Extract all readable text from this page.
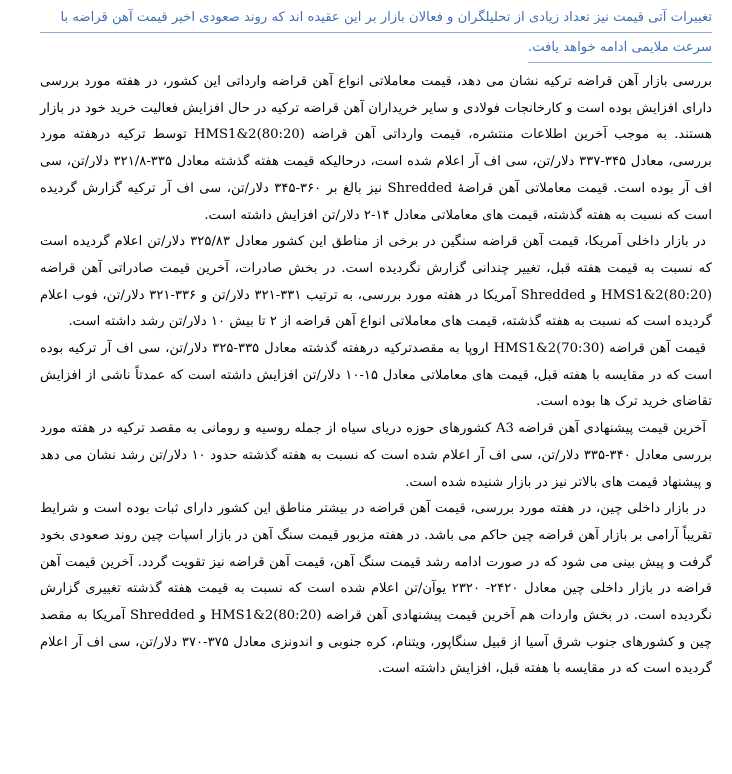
تغییرات آتی قیمت نیز تعداد زیادی از تحلیلگران و فعالان بازار بر این عقیده اند که روند صعودی اخیر قیمت آهن قراضه با
سرعت ملایمی ادامه خواهد یافت.

بررسی بازار آهن قراضه ترکیه نشان می دهد، قیمت معاملاتی انواع آهن قراضه وارداتی این کشور، در هفته مورد بررسی دارای افزایش بوده است و کارخانجات فولادی و سایر خریداران آهن قراضه ترکیه در حال افزایش فعالیت خرید خود در بازار هستند. به موجب آخرین اطلاعات منتشره، قیمت وارداتی آهن قراضه HMS1&2(80:20) توسط ترکیه درهفته مورد بررسی، معادل ۳۴۵-۳۳۷ دلار/تن، سی اف آر اعلام شده است، درحالیکه قیمت هفته گذشته معادل ۳۳۵-۳۲۱/۸ دلار/تن، سی اف آر بوده است. قیمت معاملاتی آهن قراضهٔ Shredded نیز بالغ بر ۳۶۰-۳۴۵ دلار/تن، سی اف آر ترکیه گزارش گردیده است که نسبت به هفته گذشته، قیمت های معاملاتی معادل ۱۴-۲ دلار/تن افزایش داشته است.

در بازار داخلی آمریکا، قیمت آهن قراضه سنگین در برخی از مناطق این کشور معادل ۳۲۵/۸۳ دلار/تن اعلام گردیده است که نسبت به قیمت هفته قبل، تغییر چندانی گزارش نگردیده است. در بخش صادرات، آخرین قیمت صادراتی آهن قراضه HMS1&2(80:20) و Shredded آمریکا در هفته مورد بررسی، به ترتیب ۳۳۱-۳۲۱ دلار/تن و ۳۳۶-۳۲۱ دلار/تن، فوب اعلام گردیده است که نسبت به هفته گذشته، قیمت های معاملاتی انواع آهن قراضه از ۲ تا بیش ۱۰ دلار/تن رشد داشته است.

قیمت آهن قراضه HMS1&2(70:30) اروپا به مقصدترکیه درهفته گذشته معادل ۳۳۵-۳۲۵ دلار/تن، سی اف آر ترکیه بوده است که در مقایسه با هفته قبل، قیمت های معاملاتی معادل ۱۵-۱۰ دلار/تن افزایش داشته است که عمدتاً ناشی از افزایش تقاضای خرید ترک ها بوده است.

آخرین قیمت پیشنهادی آهن قراضه A3 کشورهای حوزه دریای سیاه از جمله روسیه و رومانی به مقصد ترکیه در هفته مورد بررسی معادل ۳۴۰-۳۳۵ دلار/تن، سی اف آر اعلام شده است که نسبت به هفته گذشته حدود ۱۰ دلار/تن رشد نشان می دهد و پیشنهاد قیمت های بالاتر نیز در بازار شنیده شده است.

در بازار داخلی چین، در هفته مورد بررسی، قیمت آهن قراضه در بیشتر مناطق این کشور دارای ثبات بوده است و شرایط تقریباً آرامی بر بازار آهن قراضه چین حاکم می باشد. در هفته مزبور قیمت سنگ آهن در بازار اسپات چین روند صعودی بخود گرفت و پیش بینی می شود که در صورت ادامه رشد قیمت سنگ آهن، قیمت آهن قراضه نیز تقویت گردد. آخرین قیمت آهن قراضه در بازار داخلی چین معادل ۲۴۲۰- ۲۳۲۰ یوآن/تن اعلام شده است که نسبت به قیمت هفته گذشته تغییری گزارش نگردیده است. در بخش واردات هم آخرین قیمت پیشنهادی آهن قراضه HMS1&2(80:20) و Shredded آمریکا به مقصد چین و کشورهای جنوب شرق آسیا از قبیل سنگاپور، ویتنام، کره جنوبی و اندونزی معادل ۳۷۵-۳۷۰ دلار/تن، سی اف آر اعلام گردیده است که در مقایسه با هفته قبل، افزایش داشته است.
